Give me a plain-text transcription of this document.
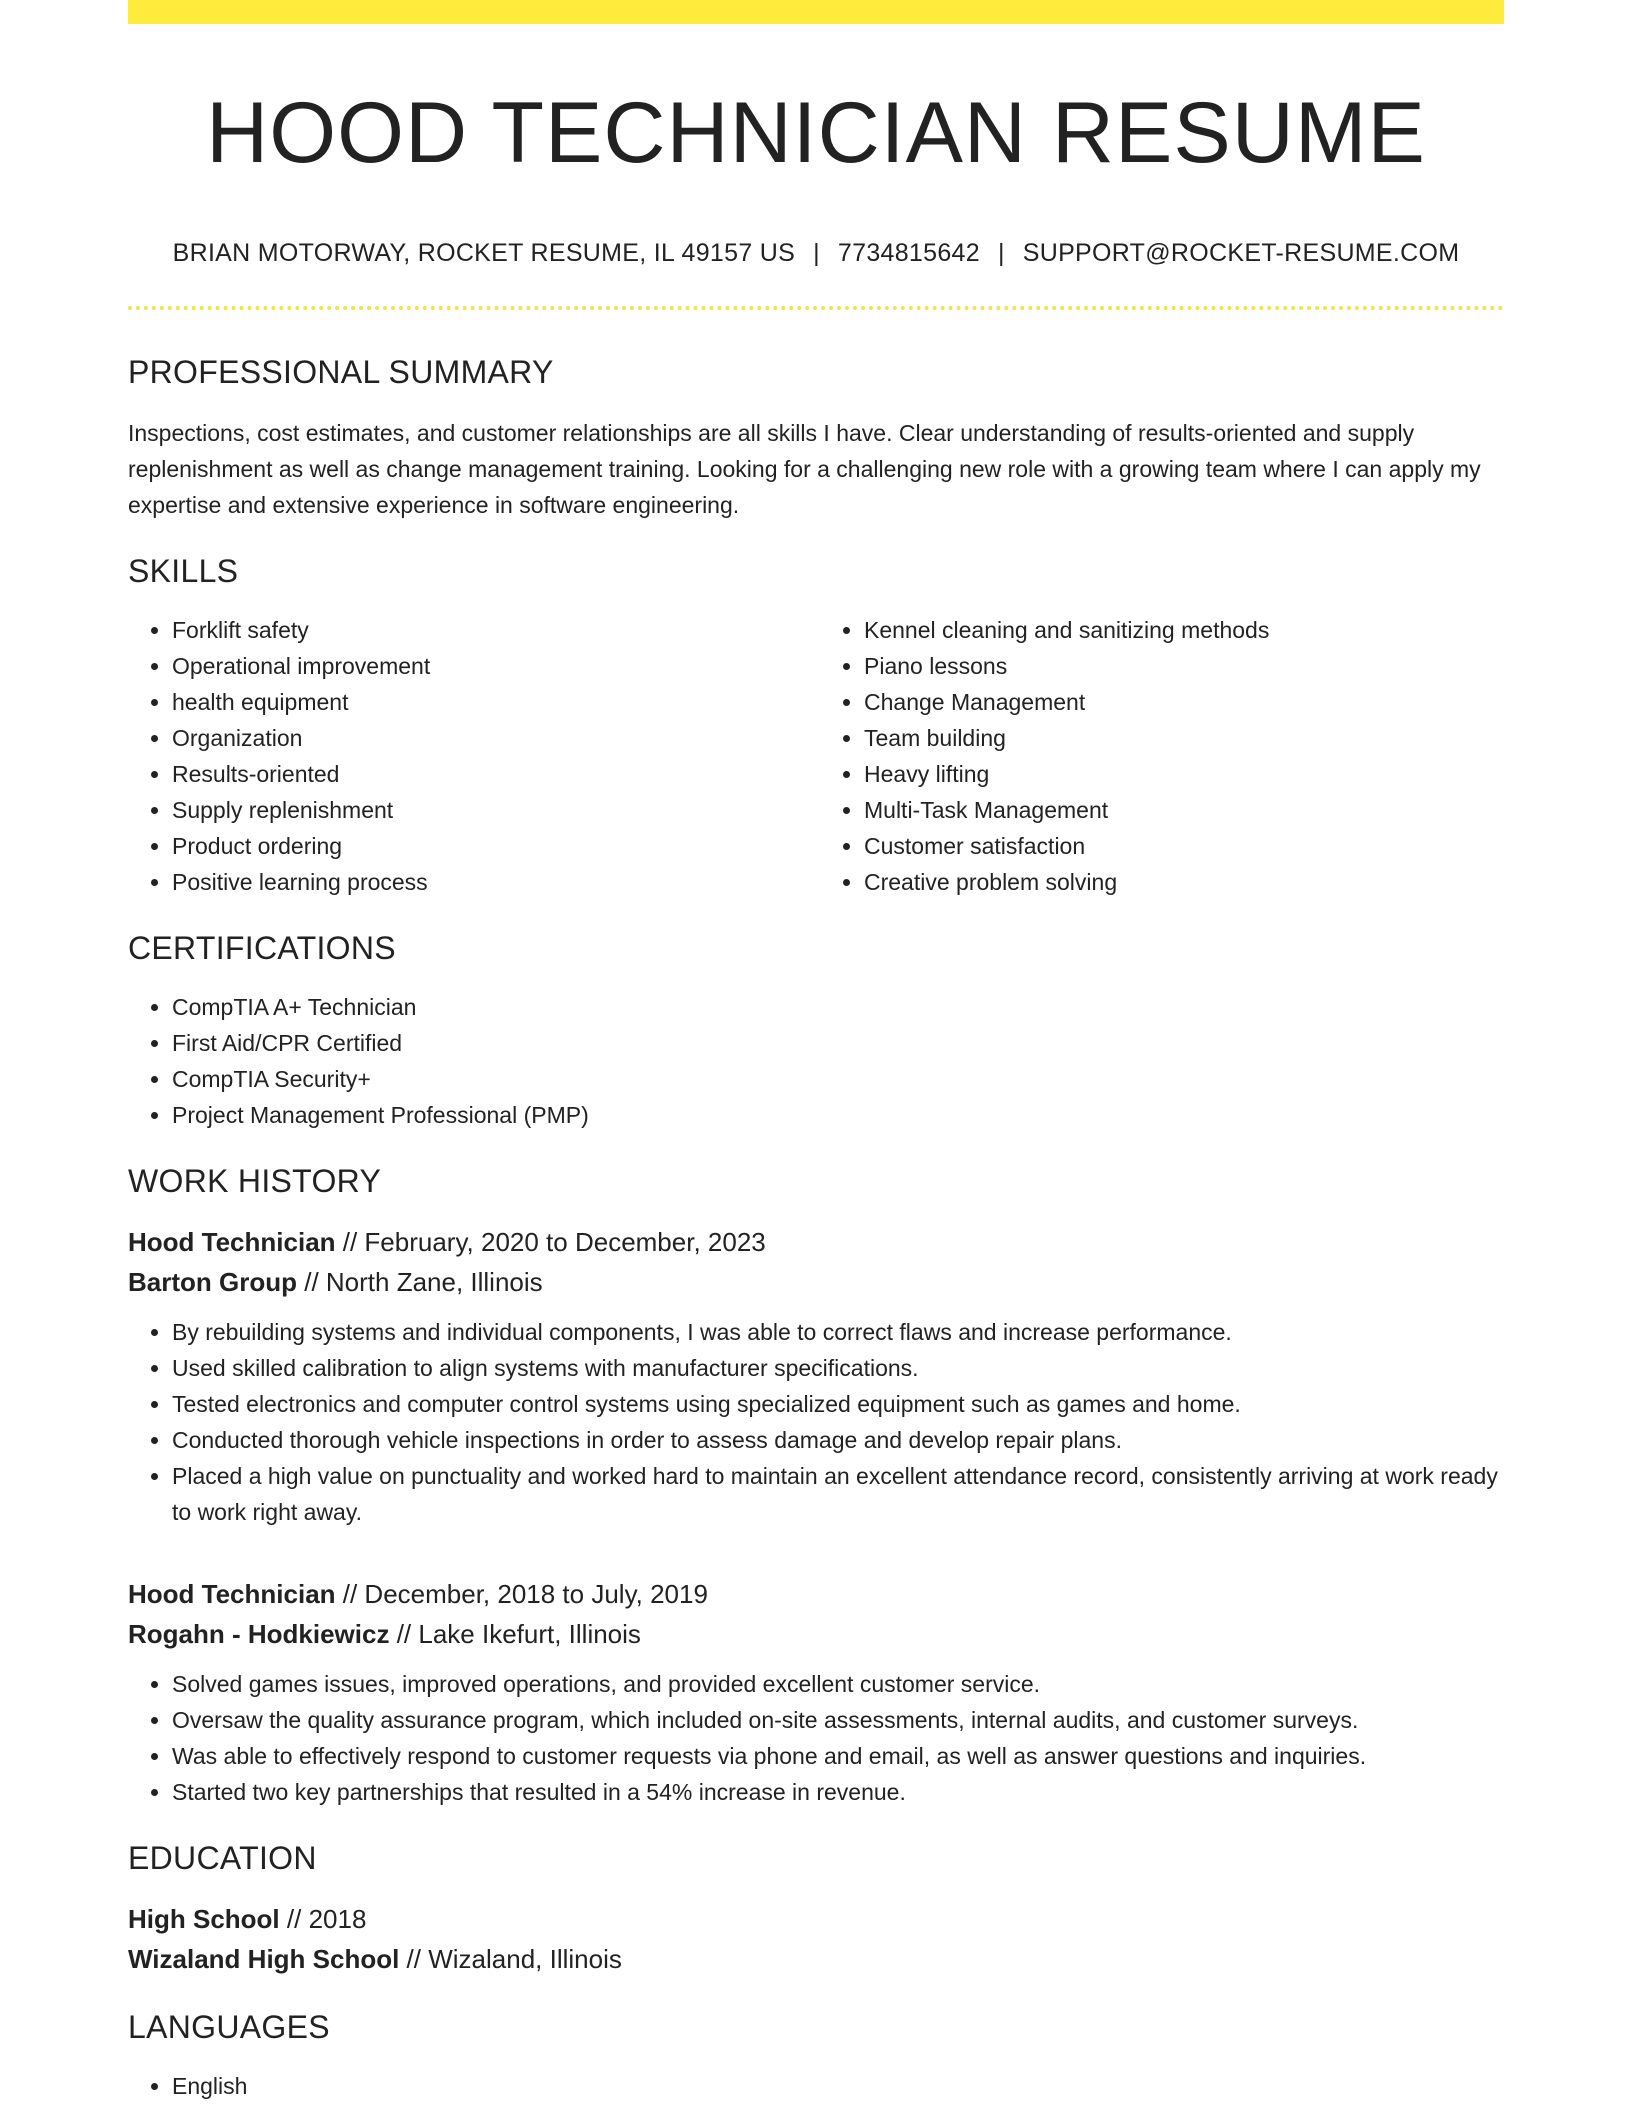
HOOD TECHNICIAN RESUME
BRIAN MOTORWAY, ROCKET RESUME, IL 49157 US | 7734815642 | SUPPORT@ROCKET-RESUME.COM
PROFESSIONAL SUMMARY
Inspections, cost estimates, and customer relationships are all skills I have. Clear understanding of results-oriented and supply replenishment as well as change management training. Looking for a challenging new role with a growing team where I can apply my expertise and extensive experience in software engineering.
SKILLS
• Forklift safety
• Operational improvement
• health equipment
• Organization
• Results-oriented
• Supply replenishment
• Product ordering
• Positive learning process
• Kennel cleaning and sanitizing methods
• Piano lessons
• Change Management
• Team building
• Heavy lifting
• Multi-Task Management
• Customer satisfaction
• Creative problem solving
CERTIFICATIONS
• CompTIA A+ Technician
• First Aid/CPR Certified
• CompTIA Security+
• Project Management Professional (PMP)
WORK HISTORY
Hood Technician // February, 2020 to December, 2023
Barton Group // North Zane, Illinois
• By rebuilding systems and individual components, I was able to correct flaws and increase performance.
• Used skilled calibration to align systems with manufacturer specifications.
• Tested electronics and computer control systems using specialized equipment such as games and home.
• Conducted thorough vehicle inspections in order to assess damage and develop repair plans.
• Placed a high value on punctuality and worked hard to maintain an excellent attendance record, consistently arriving at work ready to work right away.
Hood Technician // December, 2018 to July, 2019
Rogahn - Hodkiewicz // Lake Ikefurt, Illinois
• Solved games issues, improved operations, and provided excellent customer service.
• Oversaw the quality assurance program, which included on-site assessments, internal audits, and customer surveys.
• Was able to effectively respond to customer requests via phone and email, as well as answer questions and inquiries.
• Started two key partnerships that resulted in a 54% increase in revenue.
EDUCATION
High School // 2018
Wizaland High School // Wizaland, Illinois
LANGUAGES
• English
